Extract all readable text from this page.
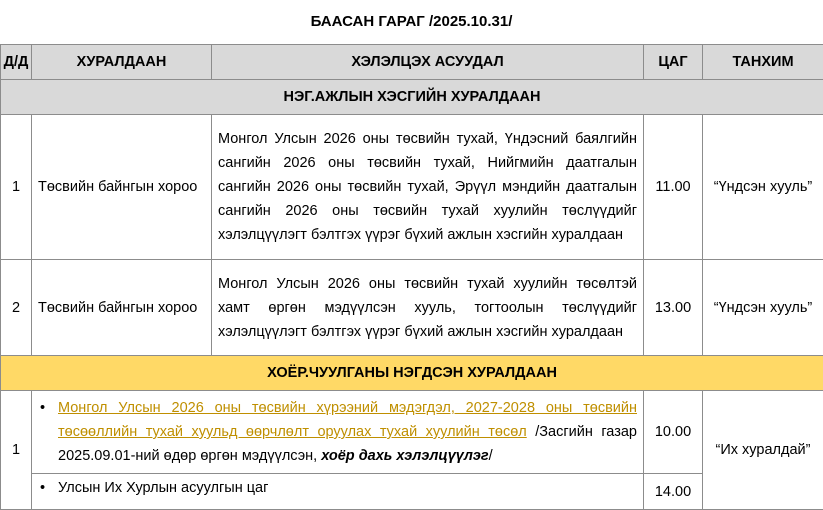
БААСАН ГАРАГ /2025.10.31/
Д/Д	ХУРАЛДААН	ХЭЛЭЛЦЭХ АСУУДАЛ	ЦАГ	ТАНХИМ
НЭГ.АЖЛЫН ХЭСГИЙН ХУРАЛДААН				
1	Төсвийн байнгын хороо	Монгол Улсын 2026 оны төсвийн тухай, Үндэсний баялгийн сангийн 2026 оны төсвийн тухай, Нийгмийн даатгалын сангийн 2026 оны төсвийн тухай, Эрүүл мэндийн даатгалын сангийн 2026 оны төсвийн тухай хуулийн төслүүдийг хэлэлцүүлэгт бэлтгэх үүрэг бүхий ажлын хэсгийн хуралдаан	11.00	“Үндсэн хууль”
2	Төсвийн байнгын хороо	Монгол Улсын 2026 оны төсвийн тухай хуулийн төсөлтэй хамт өргөн мэдүүлсэн хууль, тогтоолын төслүүдийг хэлэлцүүлэгт бэлтгэх үүрэг бүхий ажлын хэсгийн хуралдаан	13.00	“Үндсэн хууль”
ХОЁР.ЧУУЛГАНЫ НЭГДСЭН ХУРАЛДААН				
1	• Монгол Улсын 2026 оны төсвийн хүрээний мэдэгдэл, 2027-2028 оны төсвийн төсөөллийн тухай хуульд өөрчлөлт оруулах тухай хуулийн төсөл /Засгийн газар 2025.09.01-ний өдөр өргөн мэдүүлсэн, хоёр дахь хэлэлцүүлэг/		10.00	“Их хуралдай”

	• Улсын Их Хурлын асуулгын цаг		14.00	
